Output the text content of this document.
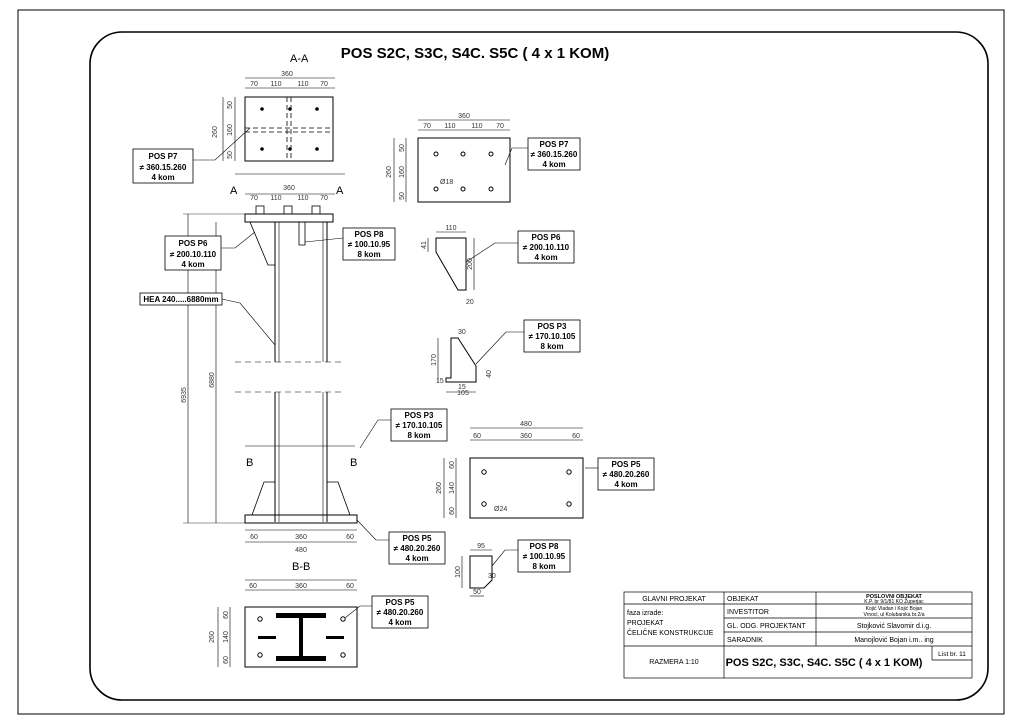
POS S2C, S3C, S4C. S5C ( 4 x 1 KOM)
A-A
360
70 110 110 70
260
50
160
50
POS P7
≠ 360.15.260
4 kom
A	A
B	B
360
70 110 110 70
6935
6880
60	360	60
480
POS P6
≠ 200.10.110
4 kom
POS P8
≠ 100.10.95
8 kom
HEA 240.....6880mm
POS P3
≠ 170.10.105
8 kom
POS P5
≠ 480.20.260
4 kom
360
70 110 110 70
260
50
160
50
Ø18
POS P7
≠ 360.15.260
4 kom
110
41
200
20
POS P6
≠ 200.10.110
4 kom
30
170
15
15
105
40
POS P3
≠ 170.10.105
8 kom
480
60	360	60
260
60
140
60	Ø24
POS P5
≠ 480.20.260
4 kom
95
100	30
50
POS P8
≠ 100.10.95
8 kom
B-B
60	360	60
260
60
140
60
POS P5
≠ 480.20.260
4 kom
GLAVNI PROJEKAT	OBJEKAT	POSLOVNI OBJEKAT
K.P. br 9/1/81 KO Župerjac
faza izrade:
PROJEKAT
ČELIČNE KONSTRUKCIJE
INVESTITOR	Kojić Vladan i Kojić Bojan
Vrnoci, ul Kolubarska br.2/a
GL. ODG. PROJEKTANT	Stojković Slavomir d.i.g.
SARADNIK	Manojlović Bojan i.m.. ing
RAZMERA 1:10 POS S2C, S3C, S4C. S5C ( 4 x 1 KOM)
List br. 11
